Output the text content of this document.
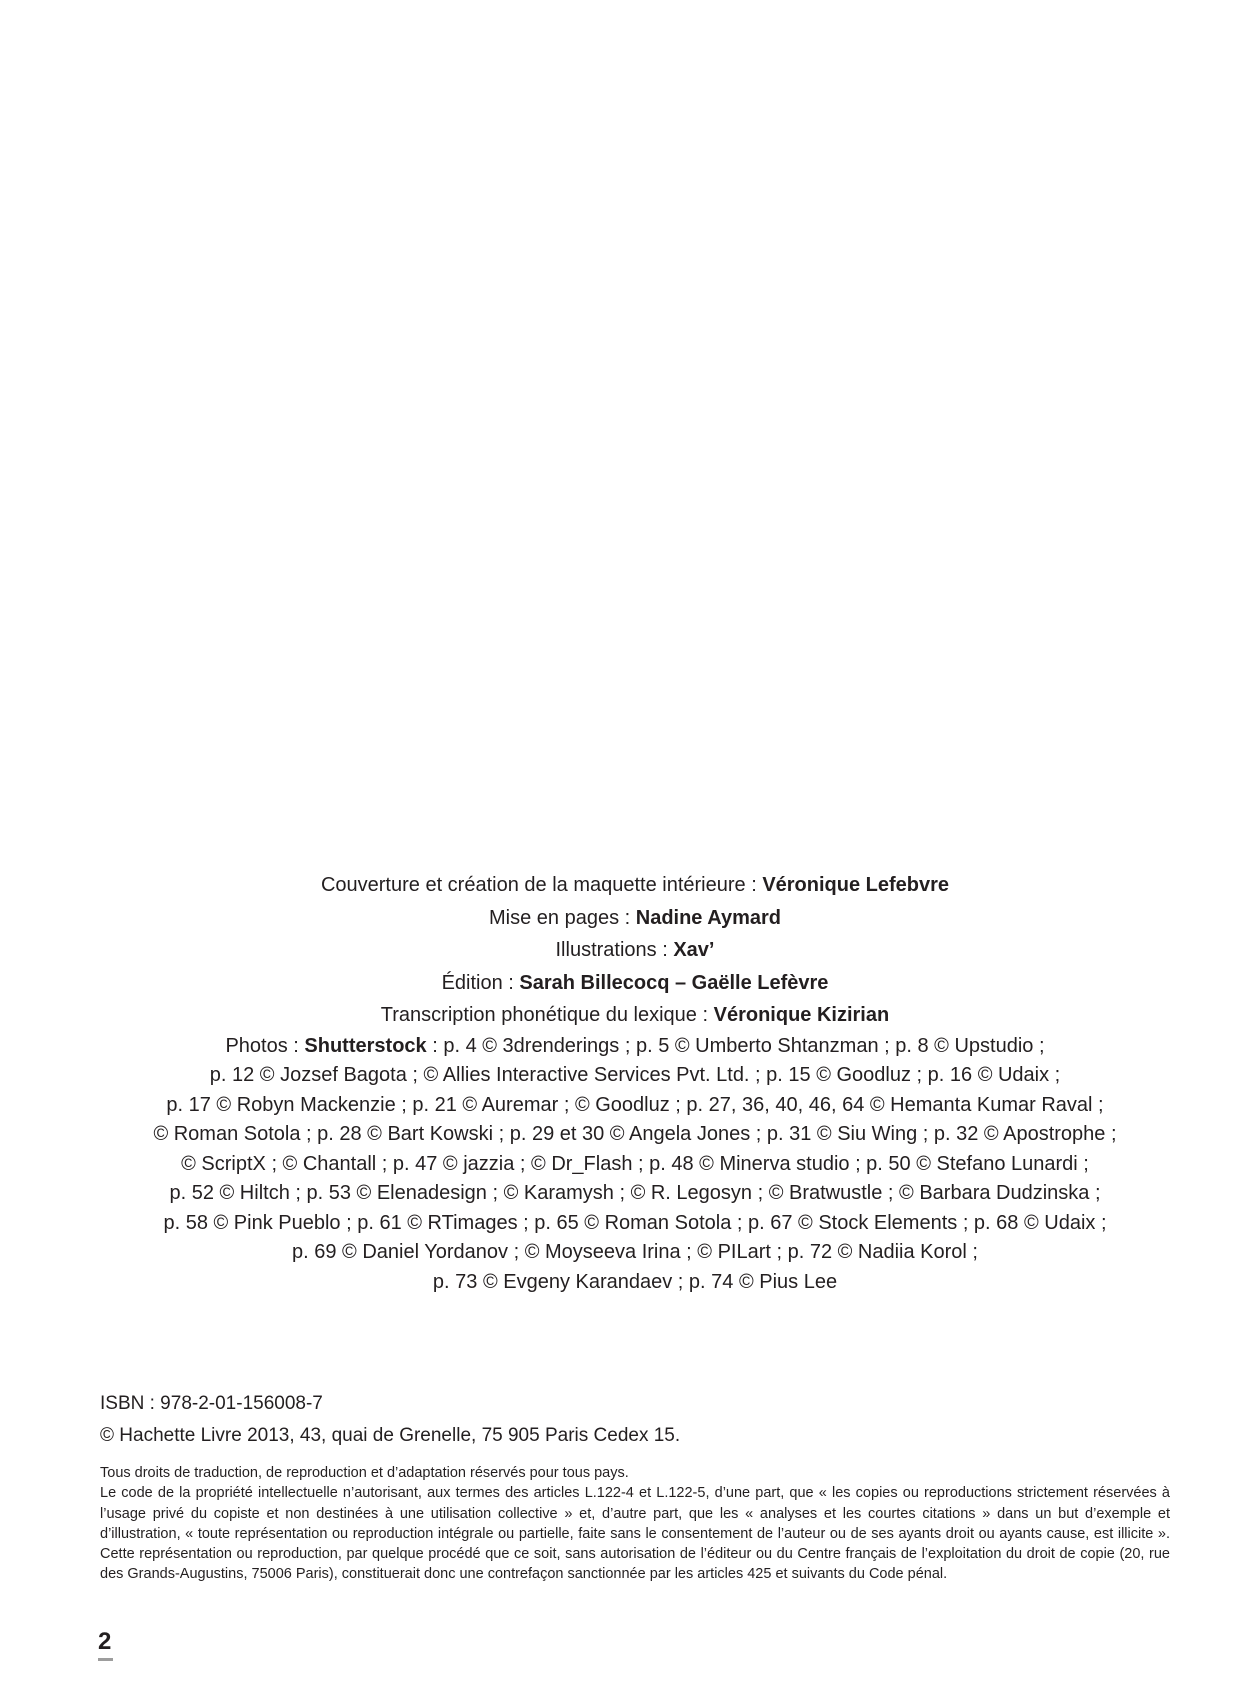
Couverture et création de la maquette intérieure : Véronique Lefebvre
Mise en pages : Nadine Aymard
Illustrations : Xav’
Édition : Sarah Billecocq – Gaëlle Lefèvre
Transcription phonétique du lexique : Véronique Kizirian
Photos : Shutterstock : p. 4 © 3drenderings ; p. 5 © Umberto Shtanzman ; p. 8 © Upstudio ;
p. 12 © Jozsef Bagota ; © Allies Interactive Services Pvt. Ltd. ; p. 15 © Goodluz ; p. 16 © Udaix ;
p. 17 © Robyn Mackenzie ; p. 21 © Auremar ; © Goodluz ; p. 27, 36, 40, 46, 64 © Hemanta Kumar Raval ;
© Roman Sotola ; p. 28 © Bart Kowski ; p. 29 et 30 © Angela Jones ; p. 31 © Siu Wing ; p. 32 © Apostrophe ;
© ScriptX ; © Chantall ; p. 47 © jazzia ; © Dr_Flash ; p. 48 © Minerva studio ; p. 50 © Stefano Lunardi ;
p. 52 © Hiltch ; p. 53 © Elenadesign ; © Karamysh ; © R. Legosyn ; © Bratwustle ; © Barbara Dudzinska ;
p. 58 © Pink Pueblo ; p. 61 © RTimages ; p. 65 © Roman Sotola ; p. 67 © Stock Elements ; p. 68 © Udaix ;
p. 69 © Daniel Yordanov ; © Moyseeva Irina ; © PILart ; p. 72 © Nadiia Korol ;
p. 73 © Evgeny Karandaev ; p. 74 © Pius Lee
ISBN : 978-2-01-156008-7
© Hachette Livre 2013, 43, quai de Grenelle, 75 905 Paris Cedex 15.

Tous droits de traduction, de reproduction et d’adaptation réservés pour tous pays.

Le code de la propriété intellectuelle n’autorisant, aux termes des articles L.122-4 et L.122-5, d’une part, que « les copies ou reproductions strictement réservées à l’usage privé du copiste et non destinées à une utilisation collective » et, d’autre part, que les « analyses et les courtes citations » dans un but d’exemple et d’illustration, « toute représentation ou reproduction intégrale ou partielle, faite sans le consentement de l’auteur ou de ses ayants droit ou ayants cause, est illicite ». Cette représentation ou reproduction, par quelque procédé que ce soit, sans autorisation de l’éditeur ou du Centre français de l’exploitation du droit de copie (20, rue des Grands-Augustins, 75006 Paris), constituerait donc une contrefaçon sanctionnée par les articles 425 et suivants du Code pénal.

2
